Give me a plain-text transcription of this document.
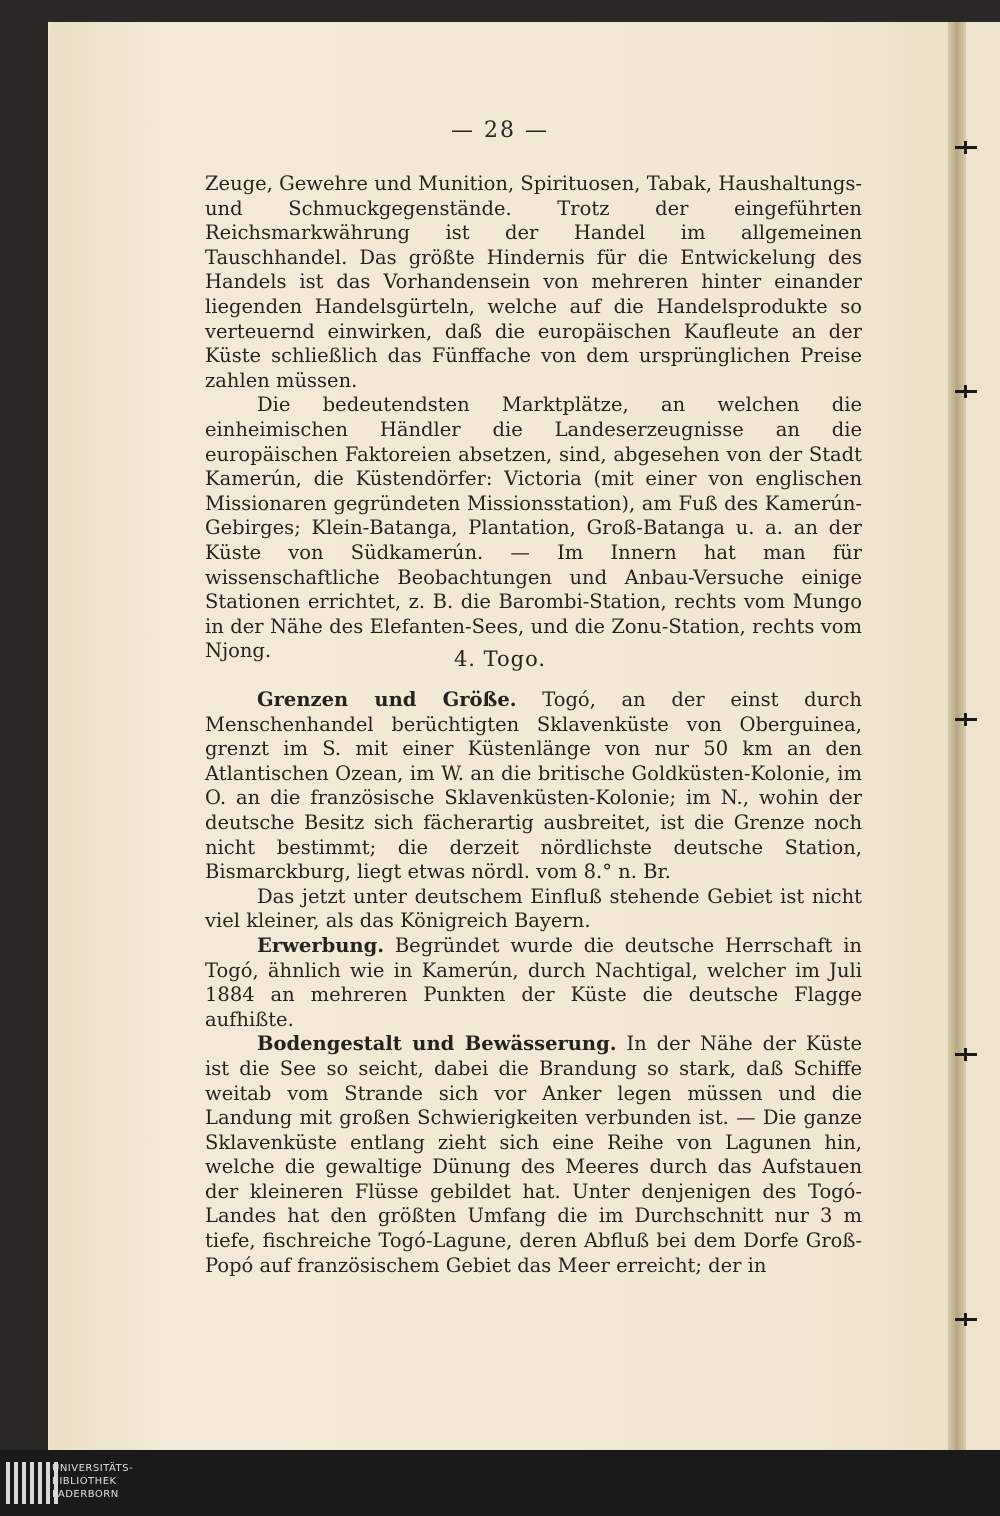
— 28 —

Zeuge, Gewehre und Munition, Spirituosen, Tabak, Haushaltungs- und Schmuckgegenstände. Trotz der eingeführten Reichsmarkwährung ist der Handel im allgemeinen Tauschhandel. Das größte Hindernis für die Entwickelung des Handels ist das Vorhandensein von mehreren hinter einander liegenden Handelsgürteln, welche auf die Handelsprodukte so verteuernd einwirken, daß die europäischen Kaufleute an der Küste schließlich das Fünffache von dem ursprünglichen Preise zahlen müssen.

Die bedeutendsten Marktplätze, an welchen die einheimischen Händler die Landeserzeugnisse an die europäischen Faktoreien absetzen, sind, abgesehen von der Stadt Kamerún, die Küstendörfer: Victoria (mit einer von englischen Missionaren gegründeten Missionsstation), am Fuß des Kamerún-Gebirges; Klein-Batanga, Plantation, Groß-Batanga u. a. an der Küste von Südkamerún. — Im Innern hat man für wissenschaftliche Beobachtungen und Anbau-Versuche einige Stationen errichtet, z. B. die Barombi-Station, rechts vom Mungo in der Nähe des Elefanten-Sees, und die Zonu-Station, rechts vom Njong.	4. Togo.

Grenzen und Größe. Togó, an der einst durch Menschenhandel berüchtigten Sklavenküste von Oberguinea, grenzt im S. mit einer Küstenlänge von nur 50 km an den Atlantischen Ozean, im W. an die britische Goldküsten-Kolonie, im O. an die französische Sklavenküsten-Kolonie; im N., wohin der deutsche Besitz sich fächerartig ausbreitet, ist die Grenze noch nicht bestimmt; die derzeit nördlichste deutsche Station, Bismarckburg, liegt etwas nördl. vom 8.° n. Br.

Das jetzt unter deutschem Einfluß stehende Gebiet ist nicht viel kleiner, als das Königreich Bayern.

Erwerbung. Begründet wurde die deutsche Herrschaft in Togó, ähnlich wie in Kamerún, durch Nachtigal, welcher im Juli 1884 an mehreren Punkten der Küste die deutsche Flagge aufhißte.

Bodengestalt und Bewässerung. In der Nähe der Küste ist die See so seicht, dabei die Brandung so stark, daß Schiffe weitab vom Strande sich vor Anker legen müssen und die Landung mit großen Schwierigkeiten verbunden ist. — Die ganze Sklavenküste entlang zieht sich eine Reihe von Lagunen hin, welche die gewaltige Dünung des Meeres durch das Aufstauen der kleineren Flüsse gebildet hat. Unter denjenigen des Togó-Landes hat den größten Umfang die im Durchschnitt nur 3 m tiefe, fischreiche Togó-Lagune, deren Abfluß bei dem Dorfe Groß-Popó auf französischem Gebiet das Meer erreicht; der in

UNIVERSITÄTS-
BIBLIOTHEK
PADERBORN
